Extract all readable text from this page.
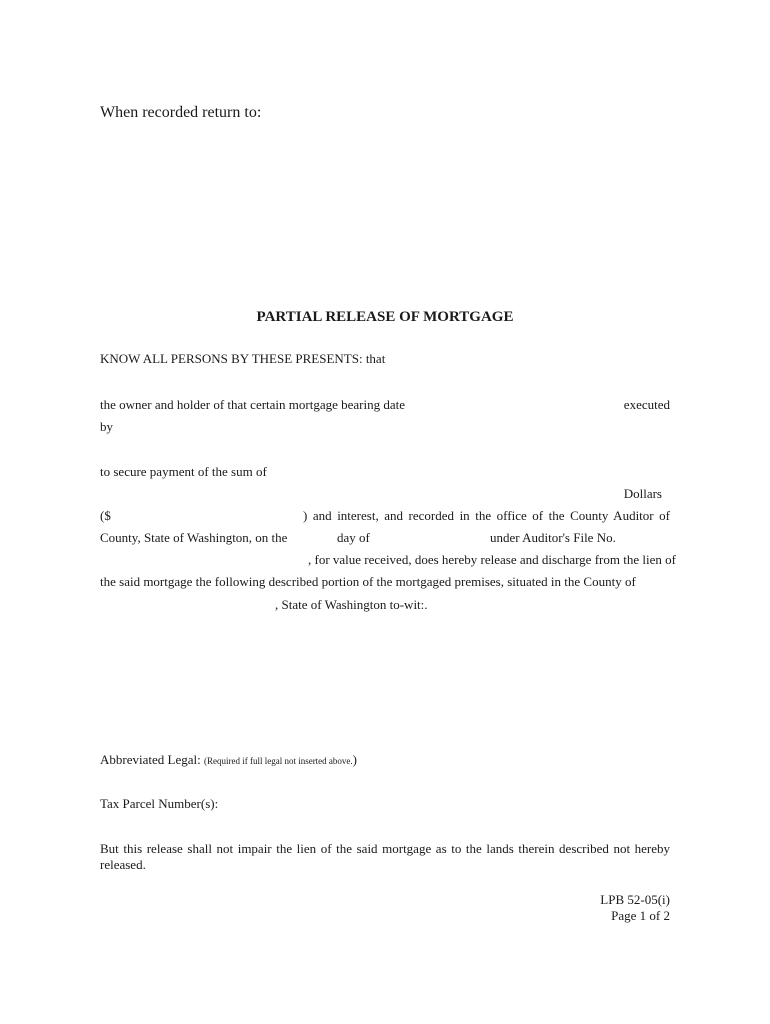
When recorded return to:
PARTIAL RELEASE OF MORTGAGE
KNOW ALL PERSONS BY THESE PRESENTS: that
the owner and holder of that certain mortgage bearing date	executed
by
to secure payment of the sum of
Dollars
($	) and interest, and recorded in the office of the County Auditor of
County, State of Washington, on the	day of	under Auditor's File No.
, for value received, does hereby release and discharge from the lien of
the said mortgage the following described portion of the mortgaged premises, situated in the County of
, State of Washington to-wit:.
Abbreviated Legal: (Required if full legal not inserted above.)
Tax Parcel Number(s):
But this release shall not impair the lien of the said mortgage as to the lands therein described not hereby released.
LPB 52-05(i)
Page 1 of 2
